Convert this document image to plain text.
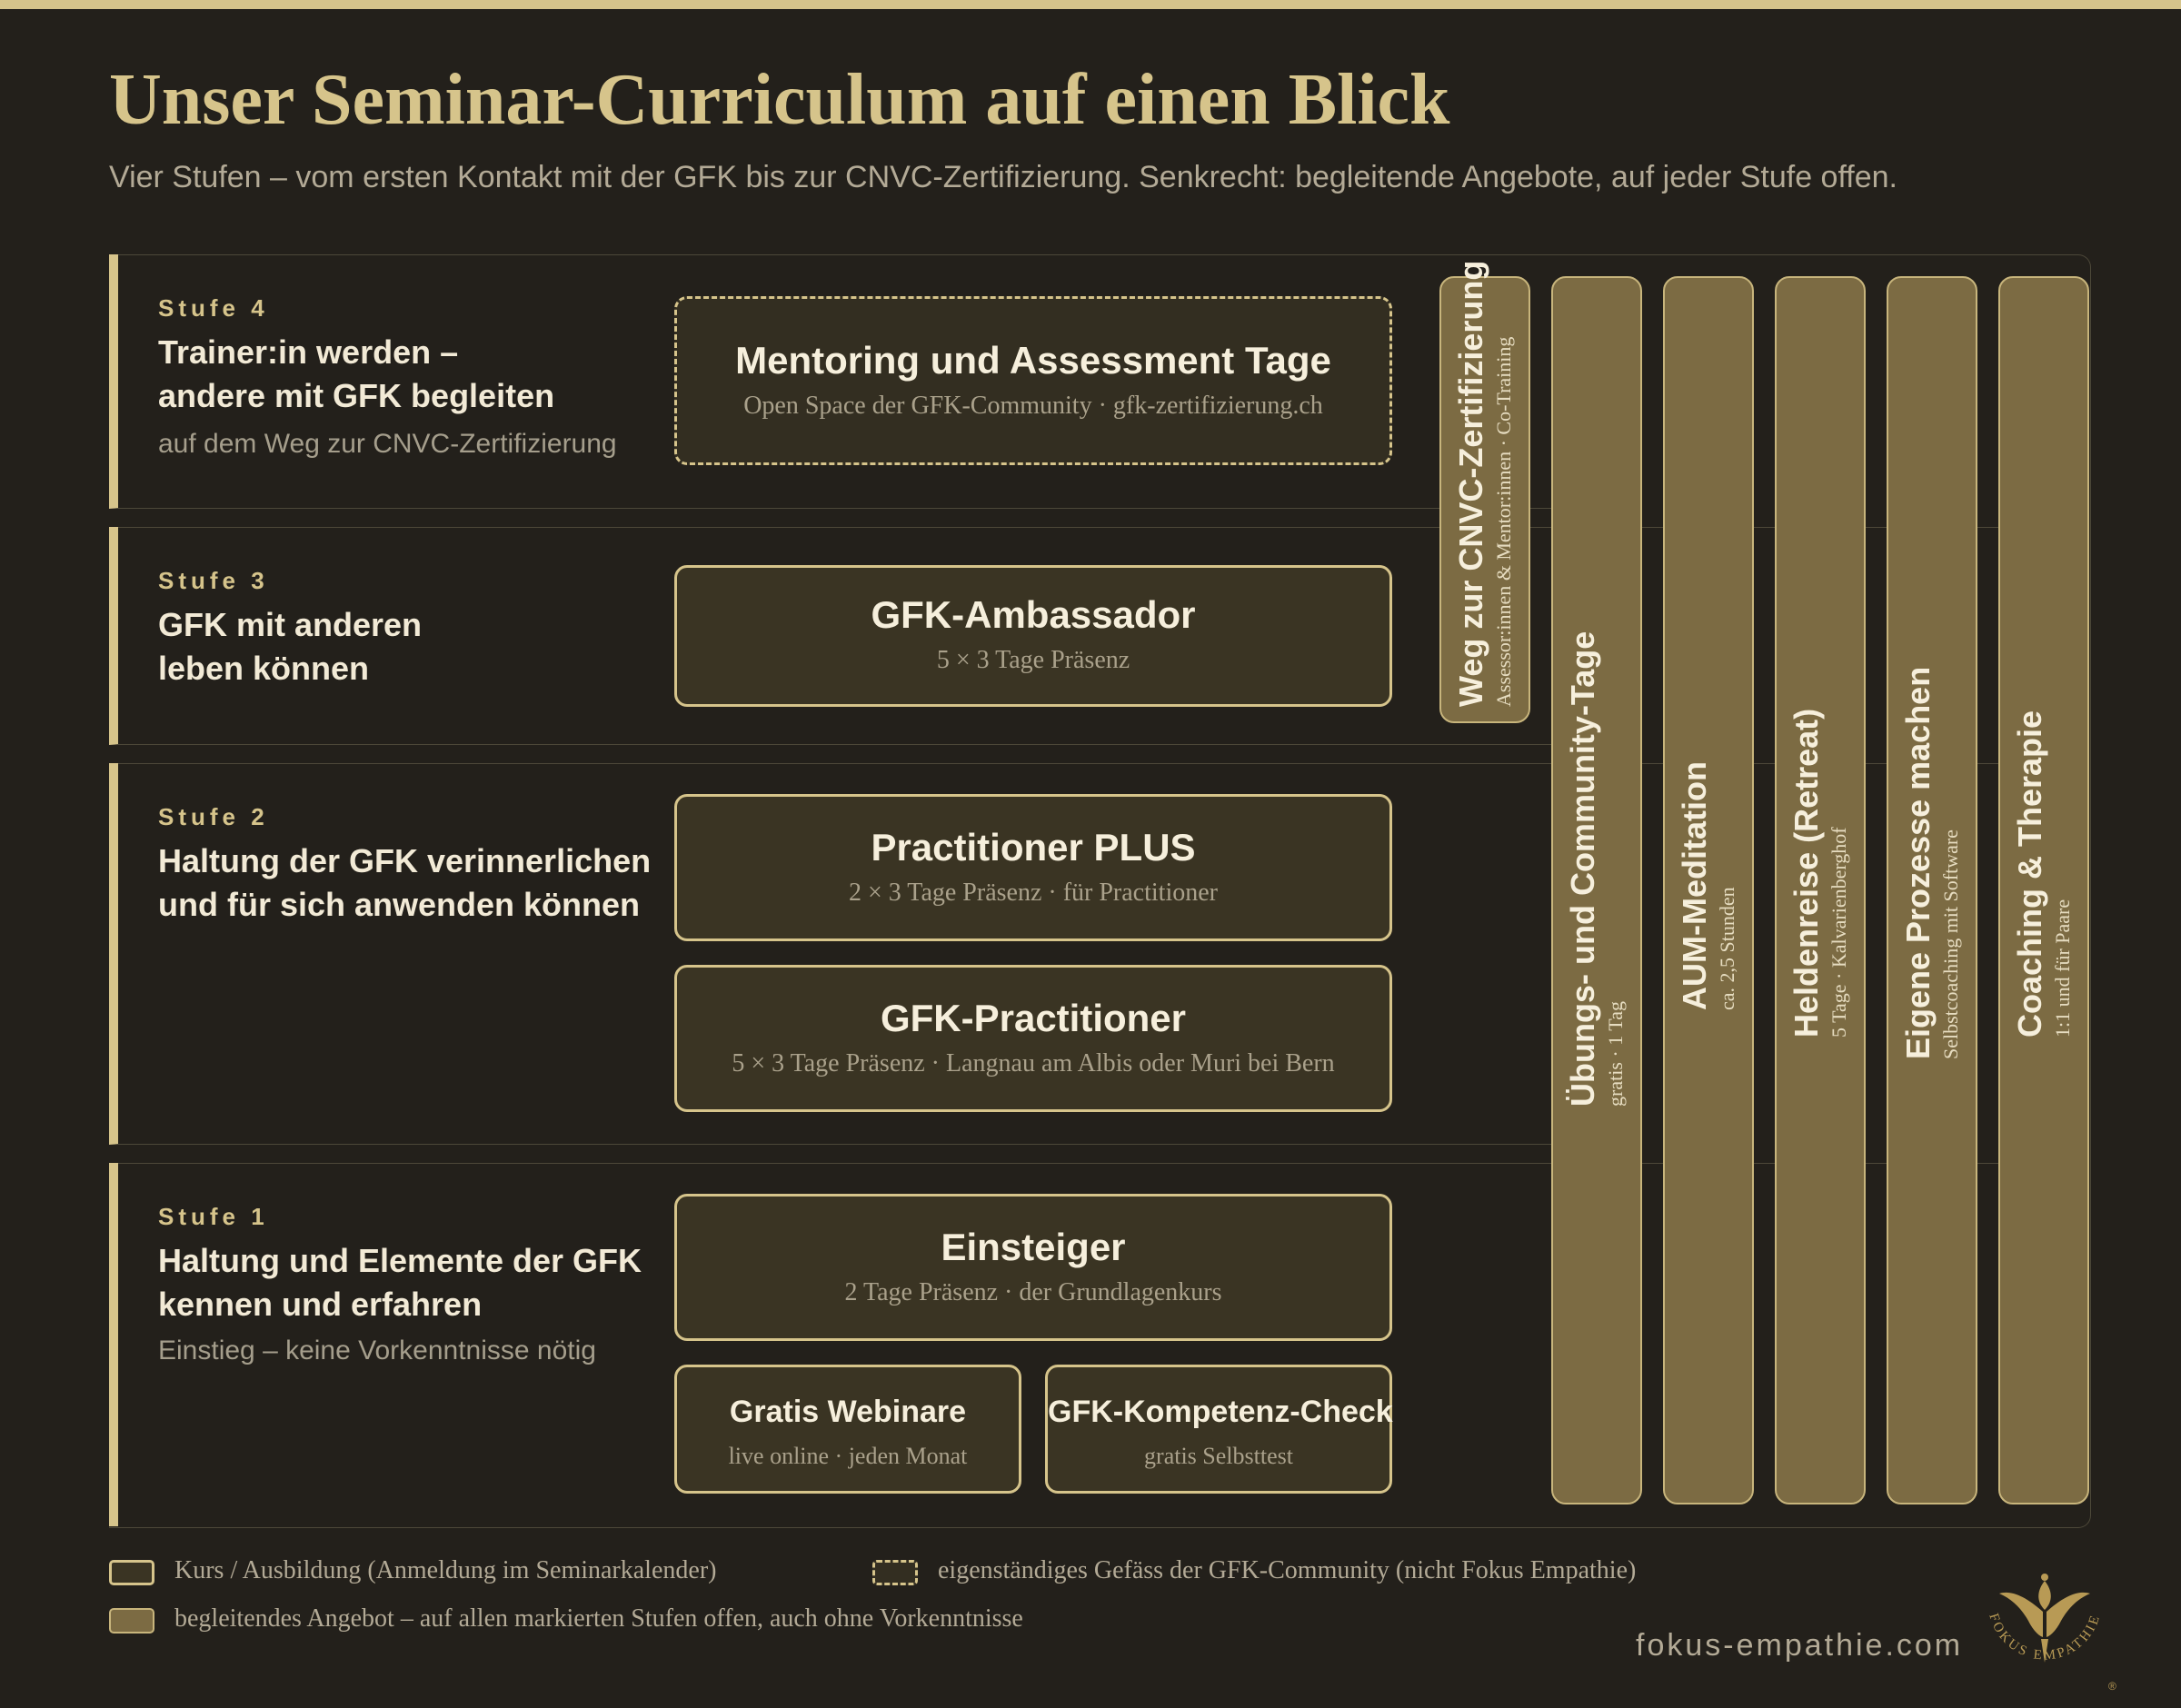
Unser Seminar-Curriculum auf einen Blick
Vier Stufen – vom ersten Kontakt mit der GFK bis zur CNVC-Zertifizierung. Senkrecht: begleitende Angebote, auf jeder Stufe offen.
Stufe 4
Trainer:in werden –
andere mit GFK begleiten
auf dem Weg zur CNVC-Zertifizierung
Stufe 3
GFK mit anderen
leben können
Stufe 2
Haltung der GFK verinnerlichen
und für sich anwenden können
Stufe 1
Haltung und Elemente der GFK
kennen und erfahren
Einstieg – keine Vorkenntnisse nötig
Mentoring und Assessment Tage
Open Space der GFK-Community · gfk-zertifizierung.ch
GFK-Ambassador
5 × 3 Tage Präsenz
Practitioner PLUS
2 × 3 Tage Präsenz · für Practitioner
GFK-Practitioner
5 × 3 Tage Präsenz · Langnau am Albis oder Muri bei Bern
Einsteiger
2 Tage Präsenz · der Grundlagenkurs
Gratis Webinare
live online · jeden Monat
GFK-Kompetenz-Check
gratis Selbsttest
Weg zur CNVC-Zertifizierung Assessor:innen & Mentor:innen · Co-Training
Übungs- und Community-Tage gratis · 1 Tag
AUM-Meditation ca. 2,5 Stunden Heldenreise (Retreat) 5 Tage · Kalvarienberghof Eigene Prozesse machen Selbstcoaching mit Software Coaching & Therapie 1:1 und für Paare
Kurs / Ausbildung (Anmeldung im Seminarkalender)	eigenständiges Gefäss der GFK-Community (nicht Fokus Empathie)
begleitendes Angebot – auf allen markierten Stufen offen, auch ohne Vorkenntnisse
fokus-empathie.com
FOKUS EMPATHIE
®
